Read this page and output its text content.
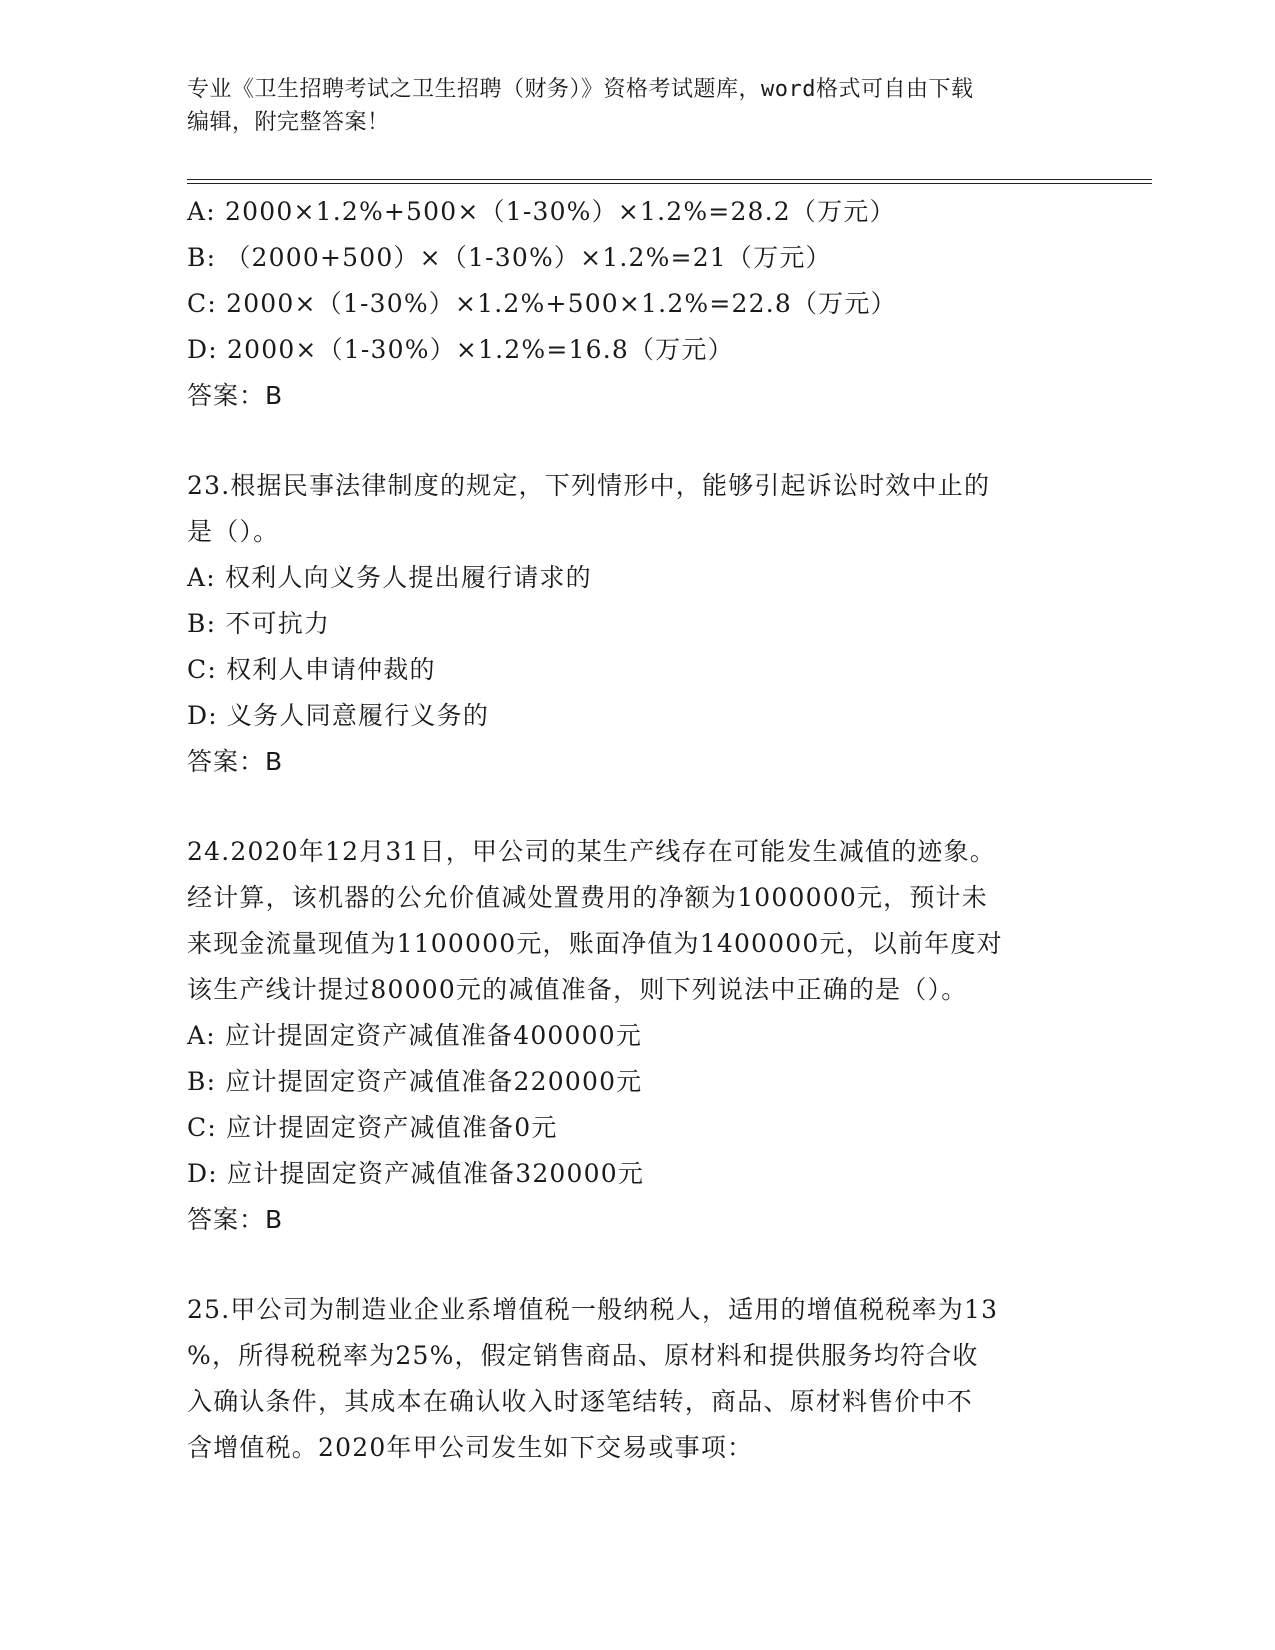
专业《卫生招聘考试之卫生招聘（财务）》资格考试题库，word格式可自由下载
编辑，附完整答案！
A: 2000×1.2%+500×（1-30%）×1.2%=28.2（万元）
B: （2000+500）×（1-30%）×1.2%=21（万元）
C: 2000×（1-30%）×1.2%+500×1.2%=22.8（万元）
D: 2000×（1-30%）×1.2%=16.8（万元）
答案：B
23.根据民事法律制度的规定，下列情形中，能够引起诉讼时效中止的
是（）。
A: 权利人向义务人提出履行请求的
B: 不可抗力
C: 权利人申请仲裁的
D: 义务人同意履行义务的
答案：B
24.2020年12月31日，甲公司的某生产线存在可能发生减值的迹象。
经计算，该机器的公允价值减处置费用的净额为1000000元，预计未
来现金流量现值为1100000元，账面净值为1400000元，以前年度对
该生产线计提过80000元的减值准备，则下列说法中正确的是（）。
A: 应计提固定资产减值准备400000元
B: 应计提固定资产减值准备220000元
C: 应计提固定资产减值准备0元
D: 应计提固定资产减值准备320000元
答案：B
25.甲公司为制造业企业系增值税一般纳税人，适用的增值税税率为13
%，所得税税率为25%，假定销售商品、原材料和提供服务均符合收
入确认条件，其成本在确认收入时逐笔结转，商品、原材料售价中不
含增值税。2020年甲公司发生如下交易或事项：
